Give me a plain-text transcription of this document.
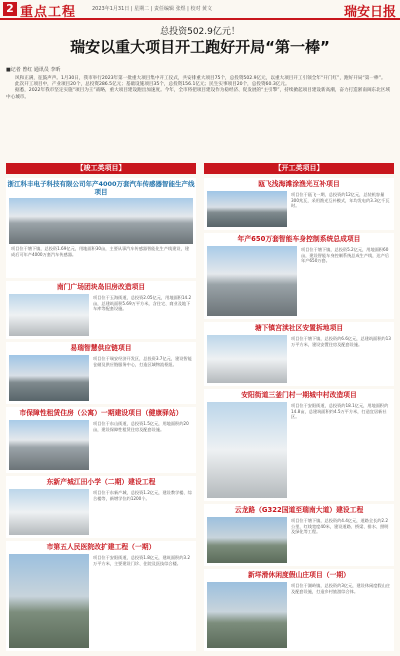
2 重点工程	2023年1月31日 | 星期二 | 责任编辑 张煜 | 校对 黄文	瑞安日报
总投资502.9亿元！
瑞安以重大项目开工跑好开局“第一棒”
■记者 曾红 通讯员 李昕

风和正满，征鼓声声。1月30日，我市举行2023年第一批重大项目集中开工仪式，共安排重大项目75个，总投资502.9亿元，以重大项目开工引领全年“开门红”，跑好开局“第一棒”。

此次开工项目中，产业项目20个，总投资286.5亿元；基础设施项目35个，总投资156.1亿元；民生实事项目20个，总投资60.3亿元。

据悉，2022年我市坚定实施“项目为王”战略，重大项目建设跑出加速度。今年，全市将把项目建设作为稳经济、促发展的“主引擎”，持续掀起项目建设新高潮，奋力打造浙南闽东北区域中心城市。

【竣工类项目】	【开工类项目】
浙江科丰电子科技有限公司年产4000万套汽车传感器智能生产线项目
项目位于塘下镇，总投资1.69亿元，用地面积30亩，主要从事汽车传感器智能化生产线建设，建成后可年产4000万套汽车传感器。
南门广场团块岛旧房改造项目
项目位于玉海街道，总投资2.05亿元，用地面积14.2亩，总建筑面积5.69万平方米，含住宅、商业及地下车库等配套设施。
易瑞智慧供应链项目
项目位于瑞安经济开发区，总投资3.7亿元，建设智能仓储及供应链服务中心，打造区域物流枢纽。
市保障性租赁住房（公寓）一期建设项目（健康驿站）
项目位于东山街道，总投资1.5亿元，用地面积约20亩，建设保障性租赁住房及配套设施。
东新产城江田小学（二期）建设工程
项目位于东新产城，总投资1.2亿元，建设教学楼、综合楼等，新增学位约1200个。
市第五人民医院改扩建工程（一期）
项目位于安阳街道，总投资1.8亿元，建筑面积约3.2万平方米，主要建设门诊、住院及医技综合楼。
瓯飞浅海滩涂渔光互补项目
项目位于瓯飞一期，总投资约12亿元，总装机容量300兆瓦，采用渔光互补模式，年均发电约3.3亿千瓦时。
年产650万套智能车身控制系统总成项目
项目位于塘下镇，总投资5.2亿元，用地面积60亩，建设智能车身控制系统总成生产线，达产后年产650万套。
塘下镇宫渎社区安置拆地项目
项目位于塘下镇，总投资约6.6亿元，总建筑面积约13万平方米，建设安置住房及配套设施。
安阳街道三釜门村一期城中村改造项目
项目位于安阳街道，总投资约18.1亿元，用地面积约14.8亩，总建筑面积约4.5万平方米，打造宜居新社区。
云龙路（G322国道至瑞南大道）建设工程
项目位于塘下镇，总投资约4.4亿元，道路全长约2.2公里，红线宽度40米，建设道路、桥梁、排水、照明及绿化等工程。
新垟滑休闲度假山庄项目（一期）
项目位于湖岭镇，总投资约3亿元，建设休闲度假山庄及配套设施，打造乡村旅游综合体。
